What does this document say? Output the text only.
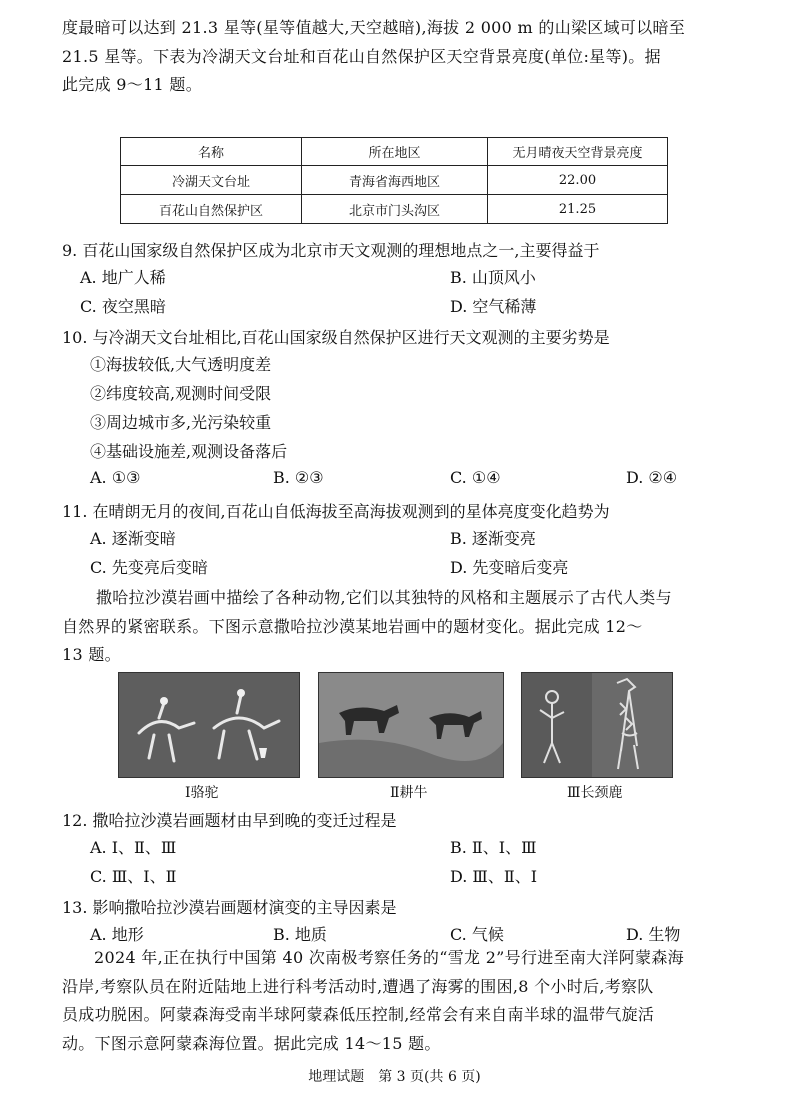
度最暗可以达到 21.3 星等(星等值越大,天空越暗),海拔 2 000 m 的山梁区域可以暗至
21.5 星等。下表为冷湖天文台址和百花山自然保护区天空背景亮度(单位:星等)。据
此完成 9～11 题。
名称	所在地区	无月晴夜天空背景亮度
冷湖天文台址	青海省海西地区	22.00
百花山自然保护区	北京市门头沟区	21.25
9. 百花山国家级自然保护区成为北京市天文观测的理想地点之一,主要得益于
A. 地广人稀	B. 山顶风小
C. 夜空黑暗	D. 空气稀薄
10. 与冷湖天文台址相比,百花山国家级自然保护区进行天文观测的主要劣势是
①海拔较低,大气透明度差
②纬度较高,观测时间受限
③周边城市多,光污染较重
④基础设施差,观测设备落后
A. ①③	B. ②③	C. ①④	D. ②④
11. 在晴朗无月的夜间,百花山自低海拔至高海拔观测到的星体亮度变化趋势为
A. 逐渐变暗	B. 逐渐变亮
C. 先变亮后变暗	D. 先变暗后变亮
撒哈拉沙漠岩画中描绘了各种动物,它们以其独特的风格和主题展示了古代人类与
自然界的紧密联系。下图示意撒哈拉沙漠某地岩画中的题材变化。据此完成 12～
13 题。
Ⅰ骆驼	Ⅱ耕牛	Ⅲ长颈鹿
12. 撒哈拉沙漠岩画题材由早到晚的变迁过程是
A. Ⅰ、Ⅱ、Ⅲ	B. Ⅱ、Ⅰ、Ⅲ
C. Ⅲ、Ⅰ、Ⅱ	D. Ⅲ、Ⅱ、Ⅰ
13. 影响撒哈拉沙漠岩画题材演变的主导因素是
A. 地形	B. 地质	C. 气候	D. 生物
2024 年,正在执行中国第 40 次南极考察任务的“雪龙 2”号行进至南大洋阿蒙森海
沿岸,考察队员在附近陆地上进行科考活动时,遭遇了海雾的围困,8 个小时后,考察队
员成功脱困。阿蒙森海受南半球阿蒙森低压控制,经常会有来自南半球的温带气旋活
动。下图示意阿蒙森海位置。据此完成 14～15 题。
地理试题　第 3 页(共 6 页)
